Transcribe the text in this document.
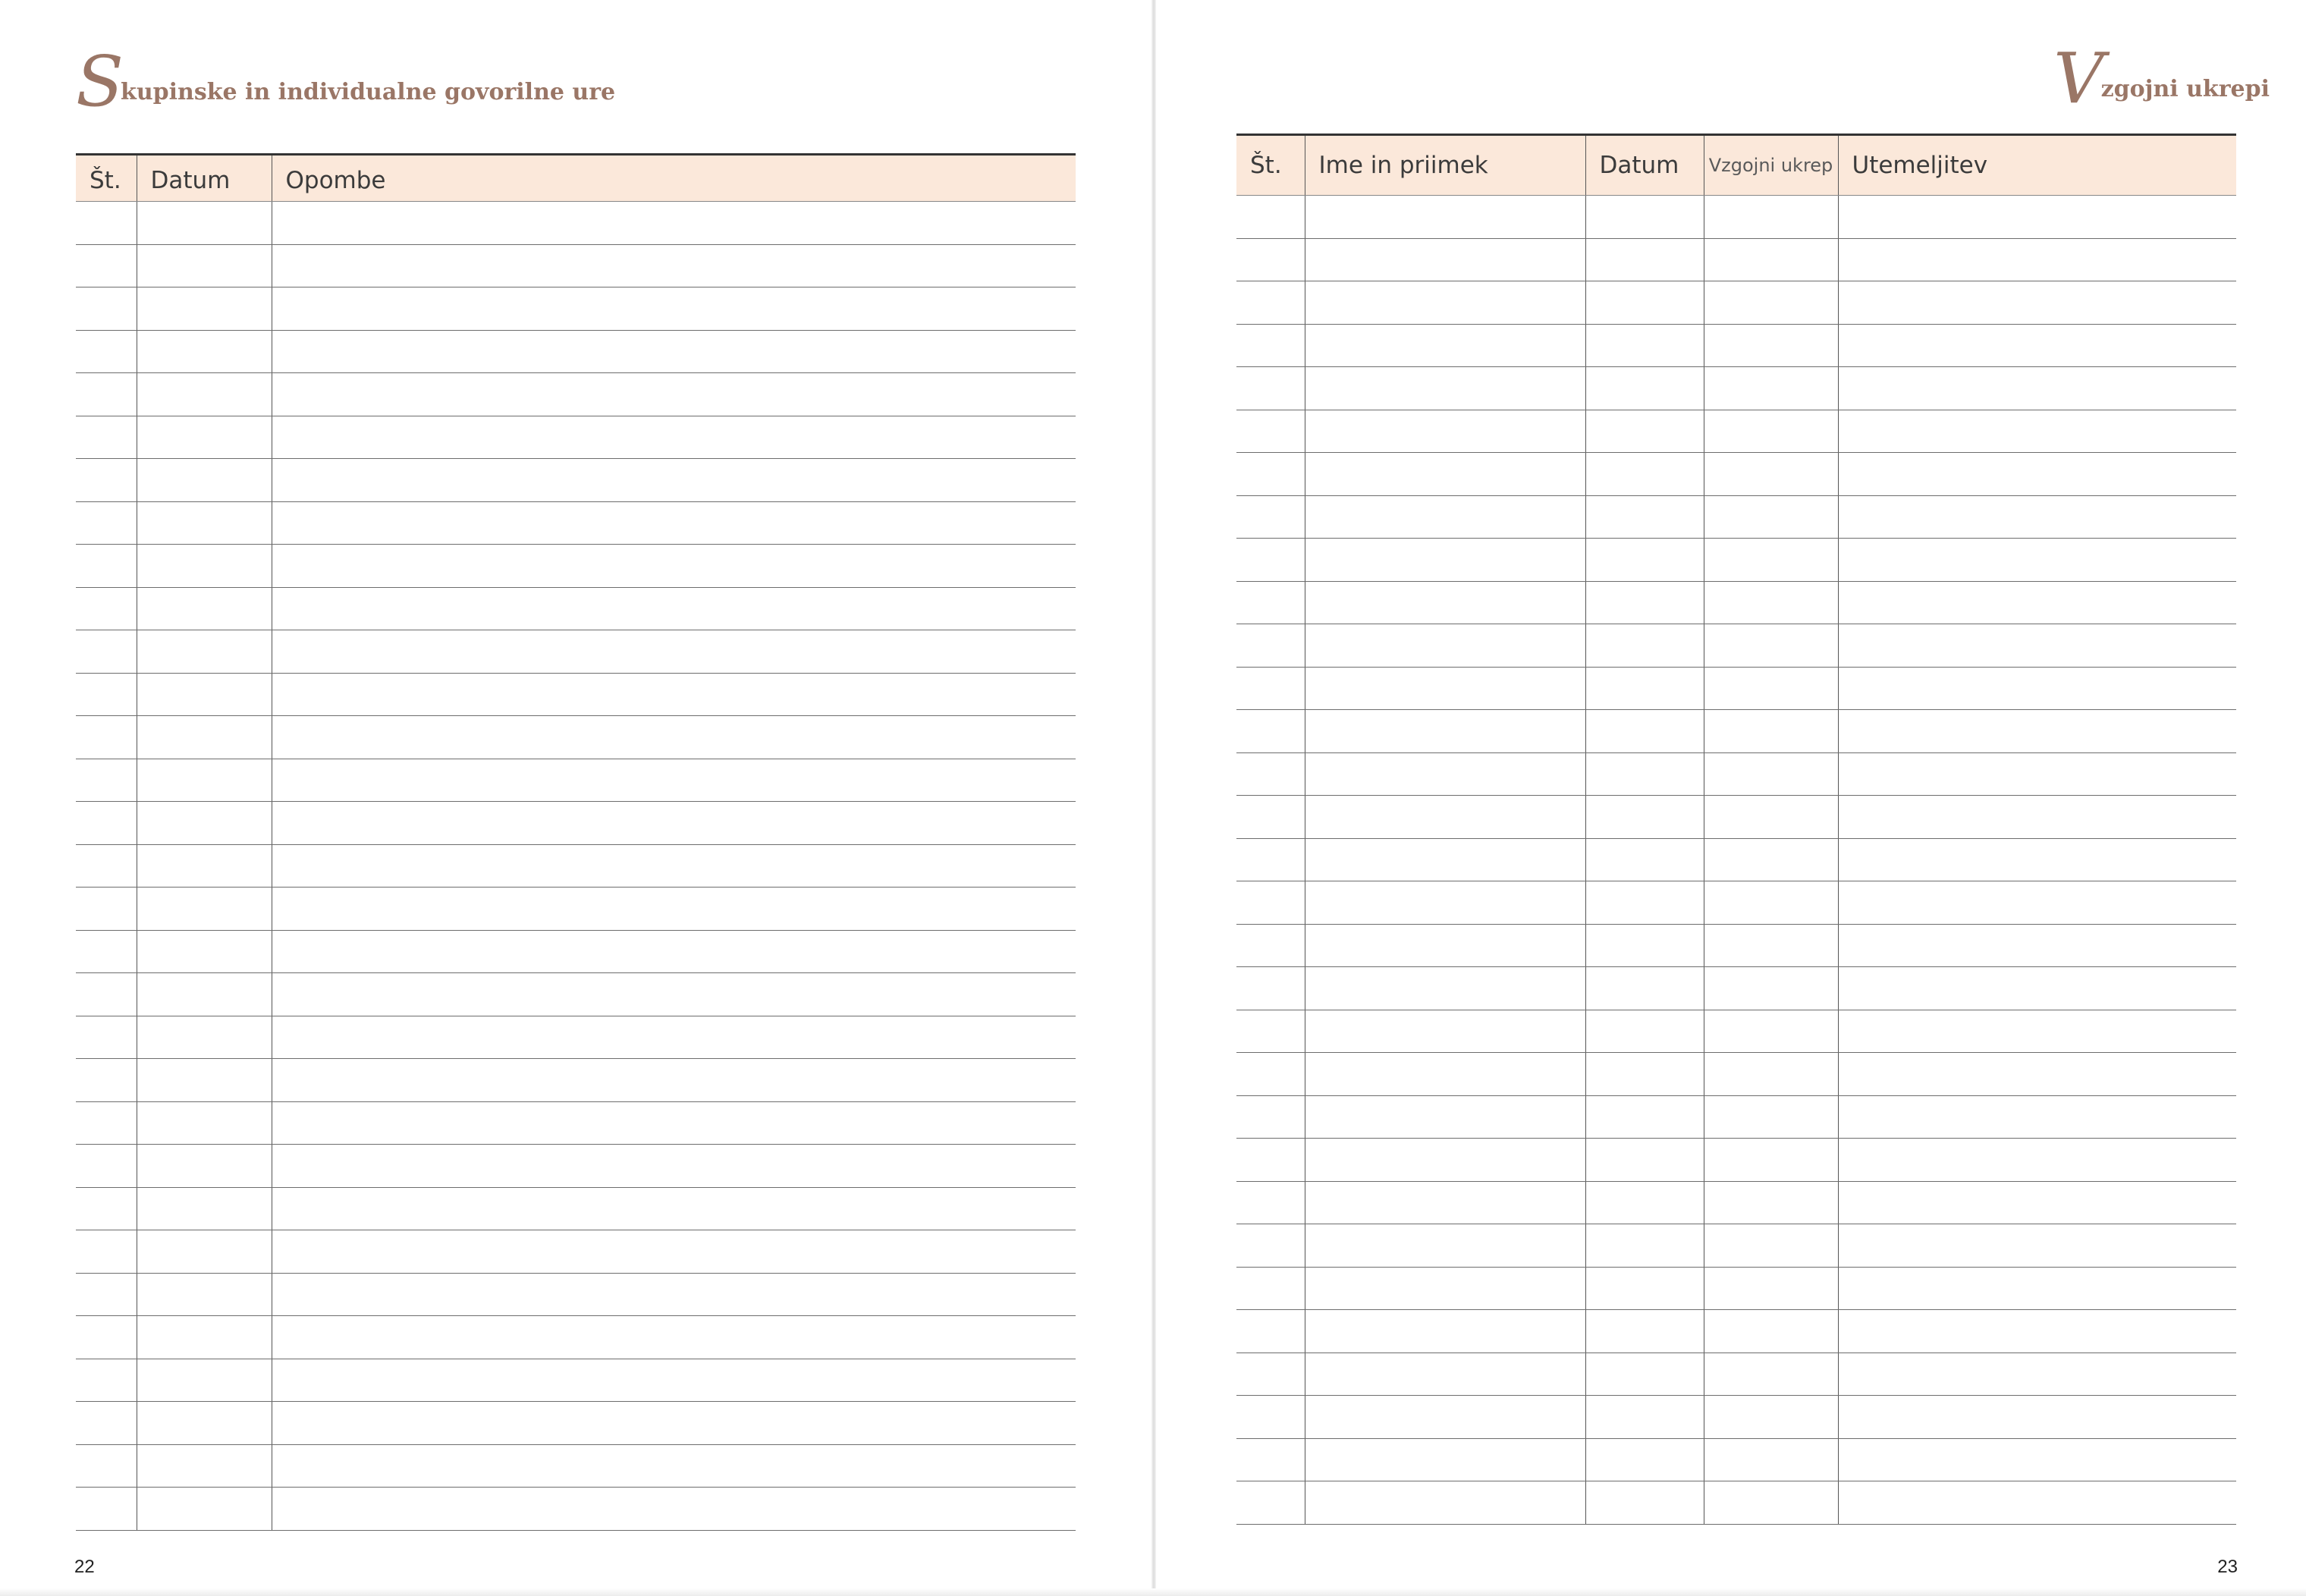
Skupinske in individualne govorilne ure
Št.	Datum	Opombe

22
Vzgojni ukrepi
23
Št.	Ime in priimek	Datum	Vzgojni ukrep	Utemeljitev
